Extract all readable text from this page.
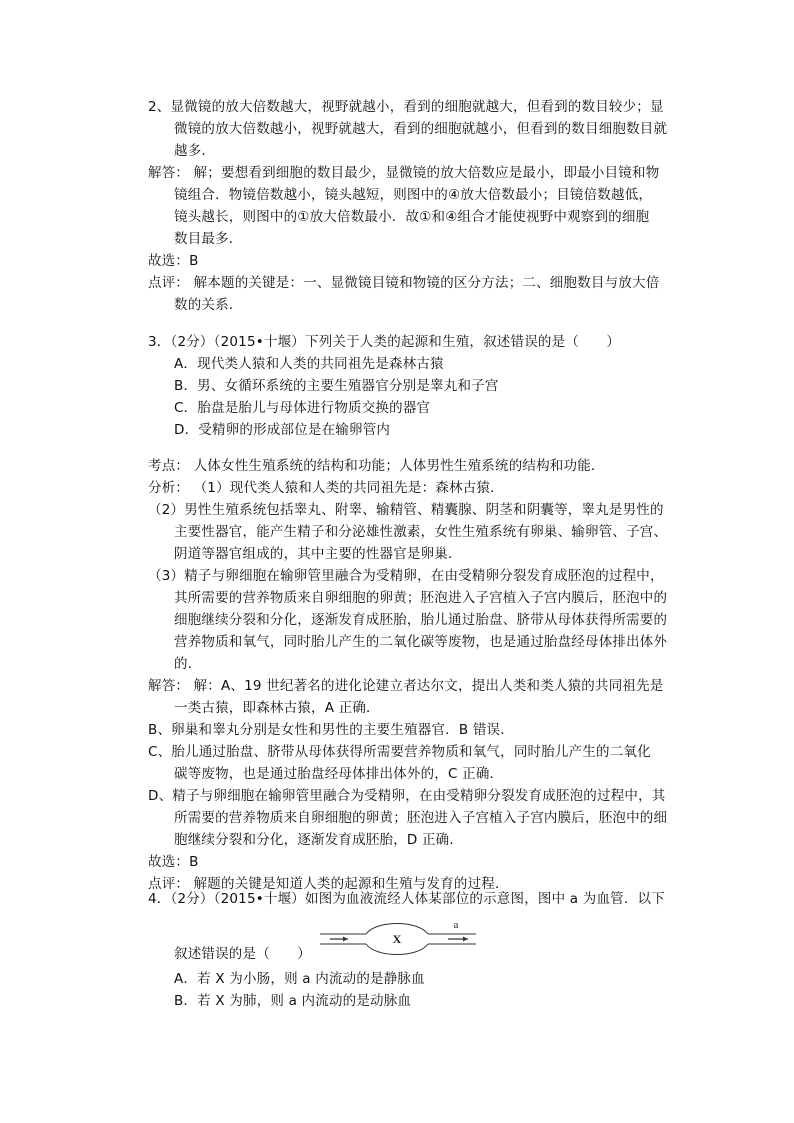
2、显微镜的放大倍数越大，视野就越小，看到的细胞就越大，但看到的数目较少；显
微镜的放大倍数越小，视野就越大，看到的细胞就越小，但看到的数目细胞数目就
越多．
解答： 解；要想看到细胞的数目最少，显微镜的放大倍数应是最小，即最小目镜和物
镜组合．物镜倍数越小，镜头越短，则图中的④放大倍数最小；目镜倍数越低，
镜头越长，则图中的①放大倍数最小．故①和④组合才能使视野中观察到的细胞
数目最多．
故选：B
点评： 解本题的关键是：一、显微镜目镜和物镜的区分方法；二、细胞数目与放大倍
数的关系．
3．（2分）（2015•十堰）下列关于人类的起源和生殖，叙述错误的是（　　）
A．现代类人猿和人类的共同祖先是森林古猿
B．男、女循环系统的主要生殖器官分别是睾丸和子宫
C．胎盘是胎儿与母体进行物质交换的器官
D．受精卵的形成部位是在输卵管内
考点： 人体女性生殖系统的结构和功能；人体男性生殖系统的结构和功能．
分析： （1）现代类人猿和人类的共同祖先是：森林古猿．
（2）男性生殖系统包括睾丸、附睾、输精管、精囊腺、阴茎和阴囊等，睾丸是男性的
主要性器官，能产生精子和分泌雄性激素，女性生殖系统有卵巢、输卵管、子宫、
阴道等器官组成的，其中主要的性器官是卵巢．
（3）精子与卵细胞在输卵管里融合为受精卵，在由受精卵分裂发育成胚泡的过程中，
其所需要的营养物质来自卵细胞的卵黄；胚泡进入子宫植入子宫内膜后，胚泡中的
细胞继续分裂和分化，逐渐发育成胚胎，胎儿通过胎盘、脐带从母体获得所需要的
营养物质和氧气，同时胎儿产生的二氧化碳等废物，也是通过胎盘经母体排出体外
的．
解答： 解：A、19 世纪著名的进化论建立者达尔文，提出人类和类人猿的共同祖先是
一类古猿，即森林古猿，A 正确．
B、卵巢和睾丸分别是女性和男性的主要生殖器官．B 错误．
C、胎儿通过胎盘、脐带从母体获得所需要营养物质和氧气，同时胎儿产生的二氧化
碳等废物，也是通过胎盘经母体排出体外的，C 正确．
D、精子与卵细胞在输卵管里融合为受精卵，在由受精卵分裂发育成胚泡的过程中，其
所需要的营养物质来自卵细胞的卵黄；胚泡进入子宫植入子宫内膜后，胚泡中的细
胞继续分裂和分化，逐渐发育成胚胎，D 正确．
故选：B
点评： 解题的关键是知道人类的起源和生殖与发育的过程．
4．（2分）（2015•十堰）如图为血液流经人体某部位的示意图，图中 a 为血管．以下
叙述错误的是（　　）
X
a
A．若 X 为小肠，则 a 内流动的是静脉血
B．若 X 为肺，则 a 内流动的是动脉血
